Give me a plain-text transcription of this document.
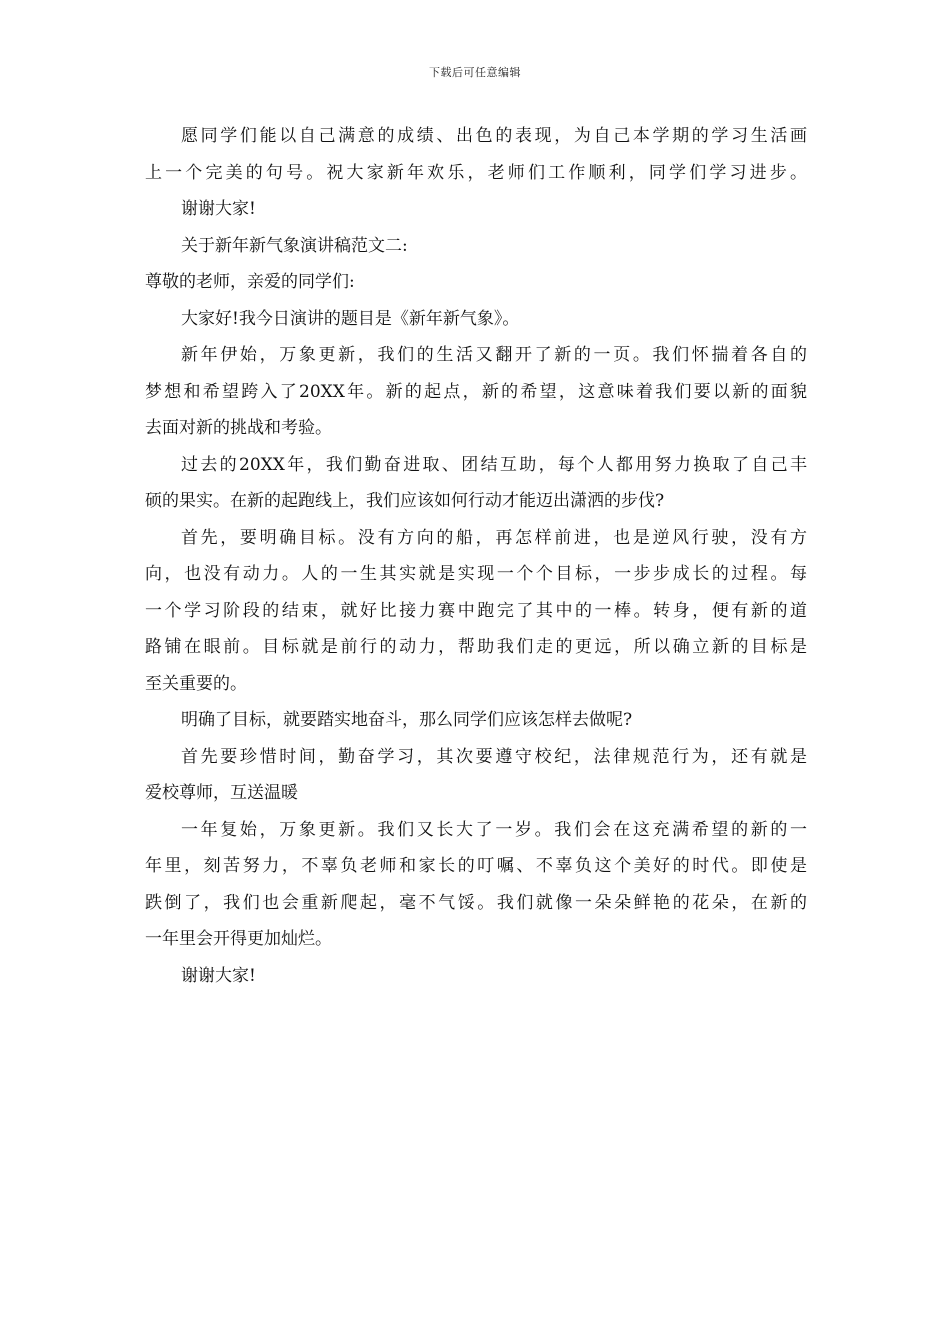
下载后可任意编辑
愿同学们能以自己满意的成绩、出色的表现，为自己本学期的学习生活画
上一个完美的句号。祝大家新年欢乐，老师们工作顺利，同学们学习进步。
谢谢大家!
关于新年新气象演讲稿范文二:
尊敬的老师，亲爱的同学们:
大家好!我今日演讲的题目是《新年新气象》。
新年伊始，万象更新，我们的生活又翻开了新的一页。我们怀揣着各自的
梦想和希望跨入了20XX年。新的起点，新的希望，这意味着我们要以新的面貌
去面对新的挑战和考验。
过去的20XX年，我们勤奋进取、团结互助，每个人都用努力换取了自己丰
硕的果实。在新的起跑线上，我们应该如何行动才能迈出潇洒的步伐?
首先，要明确目标。没有方向的船，再怎样前进，也是逆风行驶，没有方
向，也没有动力。人的一生其实就是实现一个个目标，一步步成长的过程。每
一个学习阶段的结束，就好比接力赛中跑完了其中的一棒。转身，便有新的道
路铺在眼前。目标就是前行的动力，帮助我们走的更远，所以确立新的目标是
至关重要的。
明确了目标，就要踏实地奋斗，那么同学们应该怎样去做呢?
首先要珍惜时间，勤奋学习，其次要遵守校纪，法律规范行为，还有就是
爱校尊师，互送温暖
一年复始，万象更新。我们又长大了一岁。我们会在这充满希望的新的一
年里，刻苦努力，不辜负老师和家长的叮嘱、不辜负这个美好的时代。即使是
跌倒了，我们也会重新爬起，毫不气馁。我们就像一朵朵鲜艳的花朵，在新的
一年里会开得更加灿烂。
谢谢大家!
